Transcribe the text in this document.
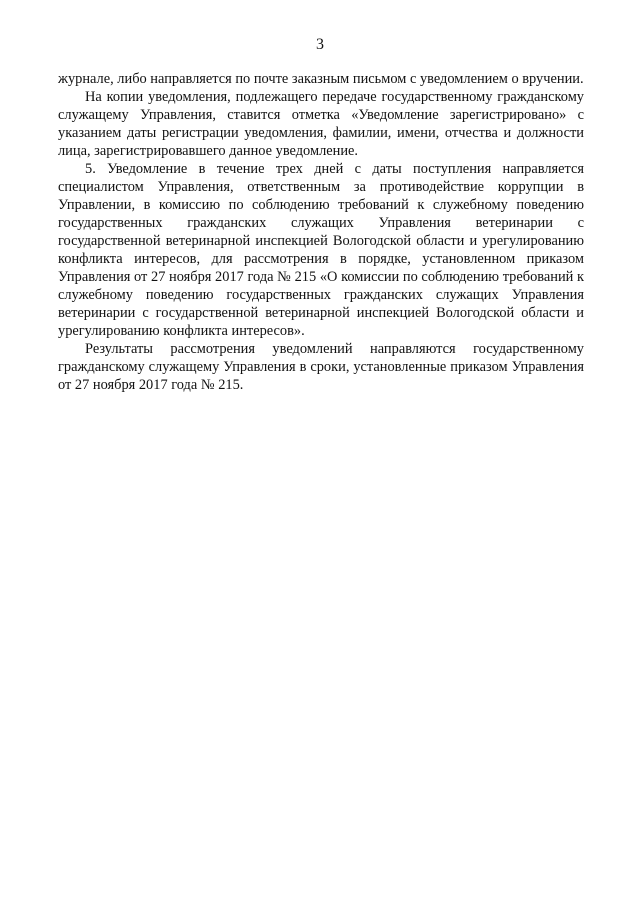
3

журнале, либо направляется по почте заказным письмом с уведомлением о вручении.

На копии уведомления, подлежащего передаче государственному гражданскому служащему Управления, ставится отметка «Уведомление зарегистрировано» с указанием даты регистрации уведомления, фамилии, имени, отчества и должности лица, зарегистрировавшего данное уведомление.

5. Уведомление в течение трех дней с даты поступления направляется специалистом Управления, ответственным за противодействие коррупции в Управлении, в комиссию по соблюдению требований к служебному поведению государственных гражданских служащих Управления ветеринарии с государственной ветеринарной инспекцией Вологодской области и урегулированию конфликта интересов, для рассмотрения в порядке, установленном приказом Управления от 27 ноября 2017 года № 215 «О комиссии по соблюдению требований к служебному поведению государственных гражданских служащих Управления ветеринарии с государственной ветеринарной инспекцией Вологодской области и урегулированию конфликта интересов».

Результаты рассмотрения уведомлений направляются государственному гражданскому служащему Управления в сроки, установленные приказом Управления от 27 ноября 2017 года № 215.
